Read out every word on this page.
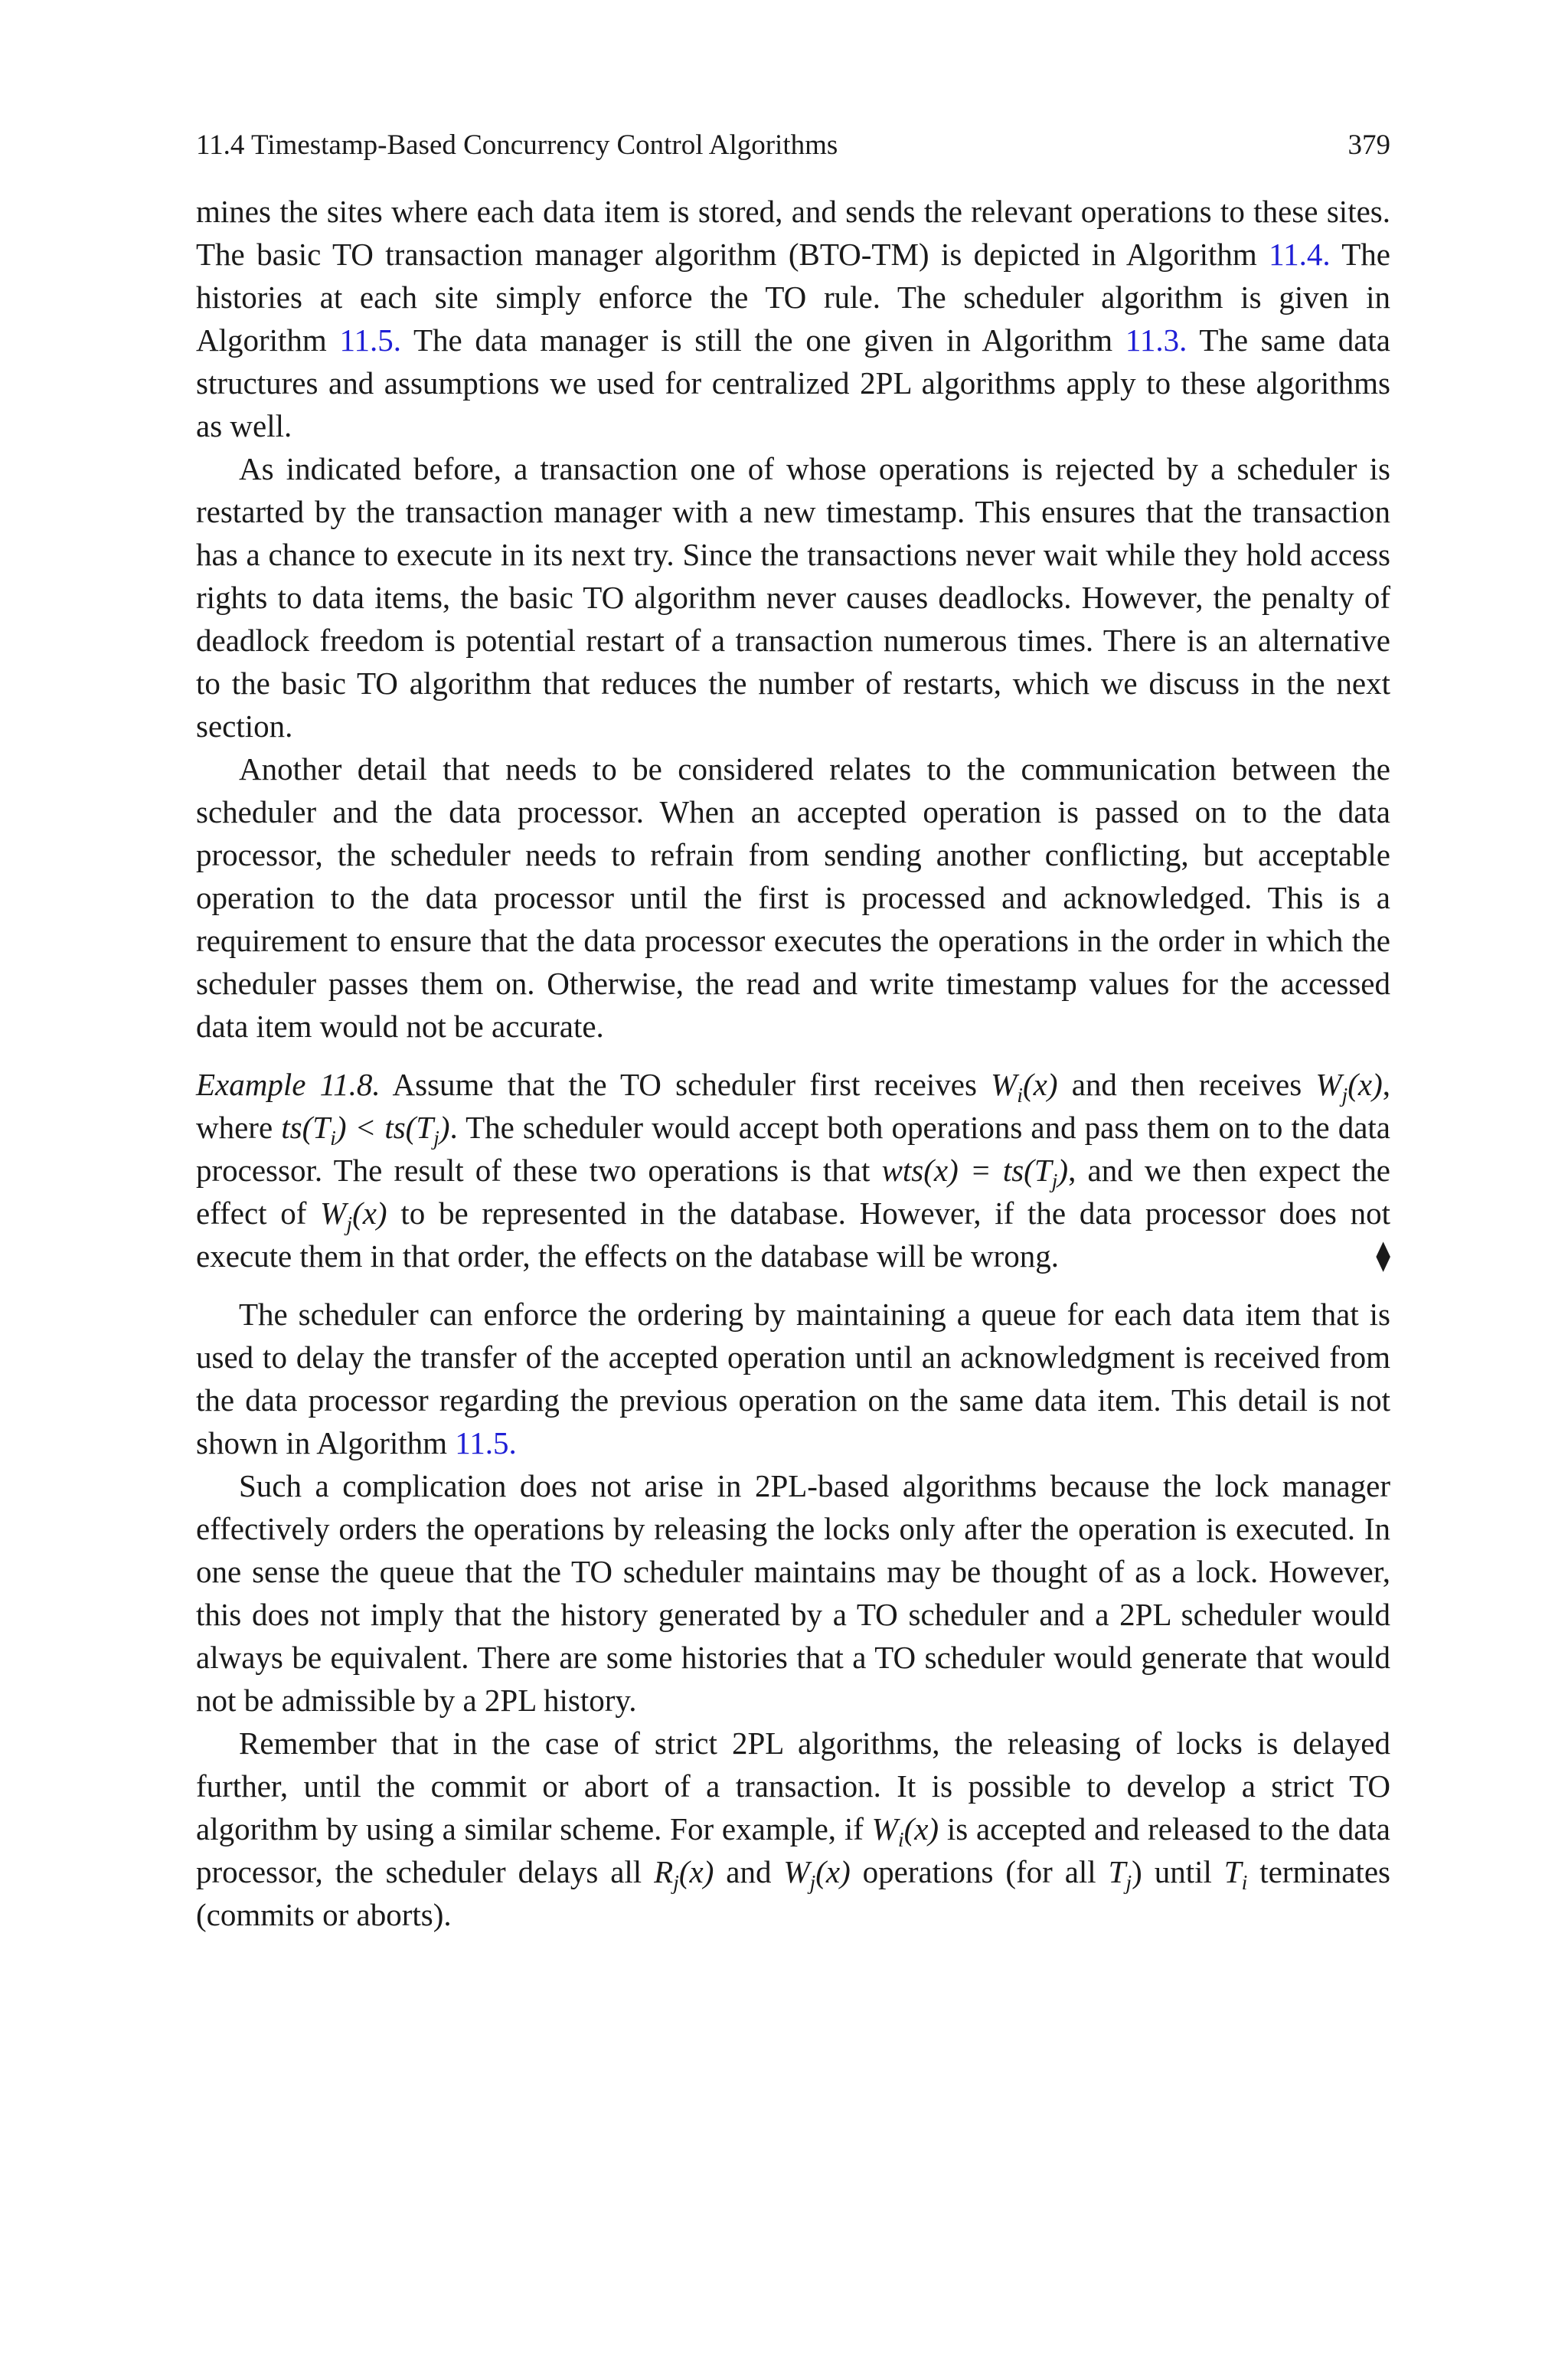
11.4 Timestamp-Based Concurrency Control Algorithms	379

mines the sites where each data item is stored, and sends the relevant operations to these sites. The basic TO transaction manager algorithm (BTO-TM) is depicted in Algorithm 11.4. The histories at each site simply enforce the TO rule. The scheduler algorithm is given in Algorithm 11.5. The data manager is still the one given in Algorithm 11.3. The same data structures and assumptions we used for centralized 2PL algorithms apply to these algorithms as well.

As indicated before, a transaction one of whose operations is rejected by a scheduler is restarted by the transaction manager with a new timestamp. This ensures that the transaction has a chance to execute in its next try. Since the transactions never wait while they hold access rights to data items, the basic TO algorithm never causes deadlocks. However, the penalty of deadlock freedom is potential restart of a transaction numerous times. There is an alternative to the basic TO algorithm that reduces the number of restarts, which we discuss in the next section.

Another detail that needs to be considered relates to the communication between the scheduler and the data processor. When an accepted operation is passed on to the data processor, the scheduler needs to refrain from sending another conflicting, but acceptable operation to the data processor until the first is processed and acknowledged. This is a requirement to ensure that the data processor executes the operations in the order in which the scheduler passes them on. Otherwise, the read and write timestamp values for the accessed data item would not be accurate.

Example 11.8. Assume that the TO scheduler first receives $W_i(x)$ and then receives $W_j(x)$, where $ts(T_i) < ts(T_j)$. The scheduler would accept both operations and pass them on to the data processor. The result of these two operations is that $wts(x) = ts(T_j)$, and we then expect the effect of $W_j(x)$ to be represented in the database. However, if the data processor does not execute them in that order, the effects on the database will be wrong.	⧫

The scheduler can enforce the ordering by maintaining a queue for each data item that is used to delay the transfer of the accepted operation until an acknowledgment is received from the data processor regarding the previous operation on the same data item. This detail is not shown in Algorithm 11.5.

Such a complication does not arise in 2PL-based algorithms because the lock manager effectively orders the operations by releasing the locks only after the operation is executed. In one sense the queue that the TO scheduler maintains may be thought of as a lock. However, this does not imply that the history generated by a TO scheduler and a 2PL scheduler would always be equivalent. There are some histories that a TO scheduler would generate that would not be admissible by a 2PL history.

Remember that in the case of strict 2PL algorithms, the releasing of locks is delayed further, until the commit or abort of a transaction. It is possible to develop a strict TO algorithm by using a similar scheme. For example, if $W_i(x)$ is accepted and released to the data processor, the scheduler delays all $R_j(x)$ and $W_j(x)$ operations (for all $T_j$) until $T_i$ terminates (commits or aborts).
